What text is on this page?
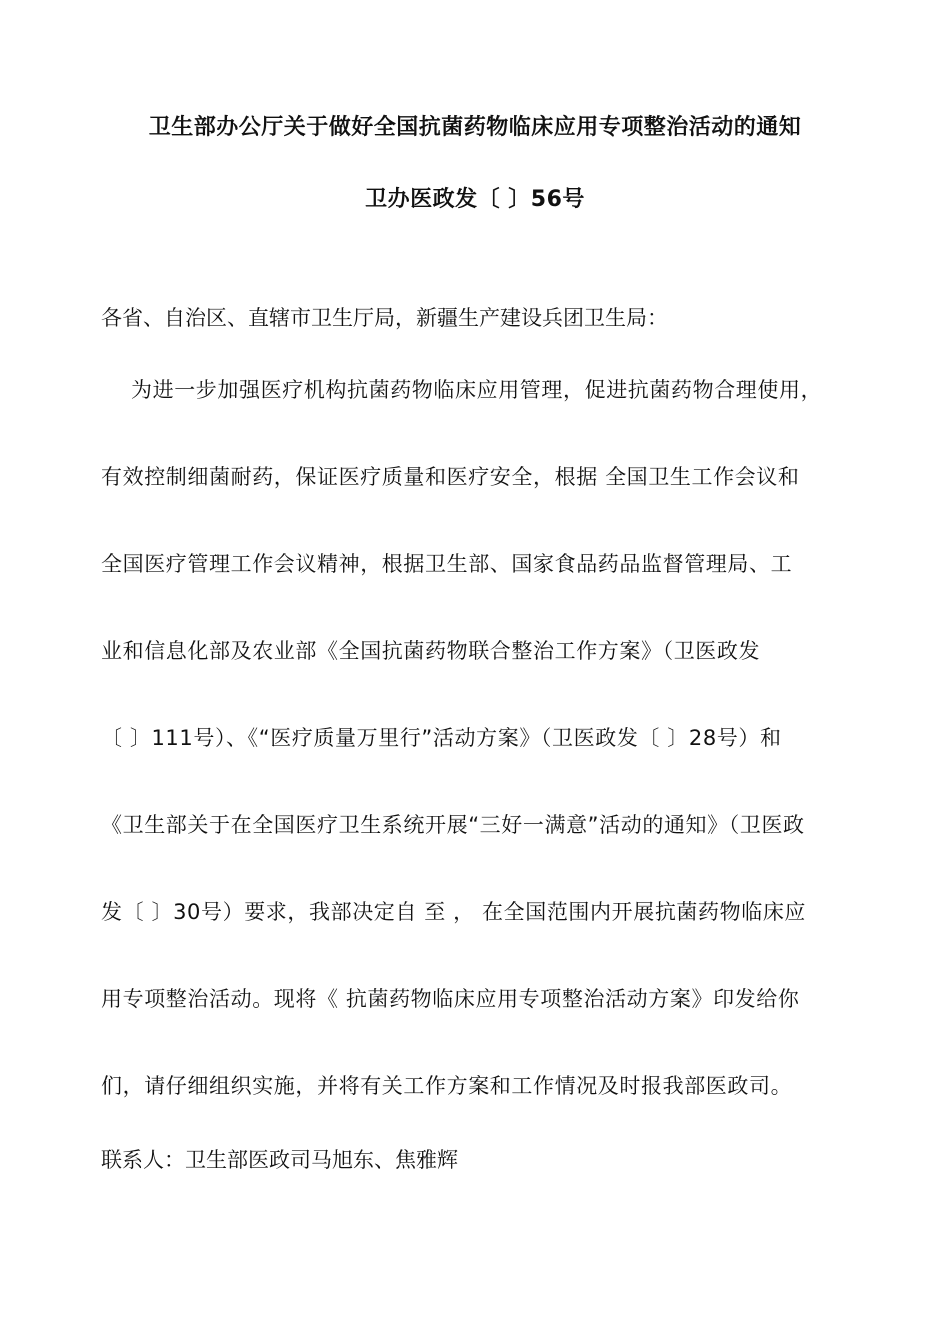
卫生部办公厅关于做好全国抗菌药物临床应用专项整治活动的通知
卫办医政发〔 〕56号
各省、自治区、直辖市卫生厅局，新疆生产建设兵团卫生局：
为进一步加强医疗机构抗菌药物临床应用管理，促进抗菌药物合理使用，
有效控制细菌耐药，保证医疗质量和医疗安全，根据 全国卫生工作会议和
全国医疗管理工作会议精神，根据卫生部、国家食品药品监督管理局、工
业和信息化部及农业部《全国抗菌药物联合整治工作方案》（卫医政发
〔 〕111号）、《“医疗质量万里行”活动方案》（卫医政发〔 〕28号）和
《卫生部关于在全国医疗卫生系统开展“三好一满意”活动的通知》（卫医政
发〔 〕30号）要求，我部决定自 至 ， 在全国范围内开展抗菌药物临床应
用专项整治活动。现将《 抗菌药物临床应用专项整治活动方案》印发给你
们，请仔细组织实施，并将有关工作方案和工作情况及时报我部医政司。
联系人：卫生部医政司马旭东、焦雅辉
